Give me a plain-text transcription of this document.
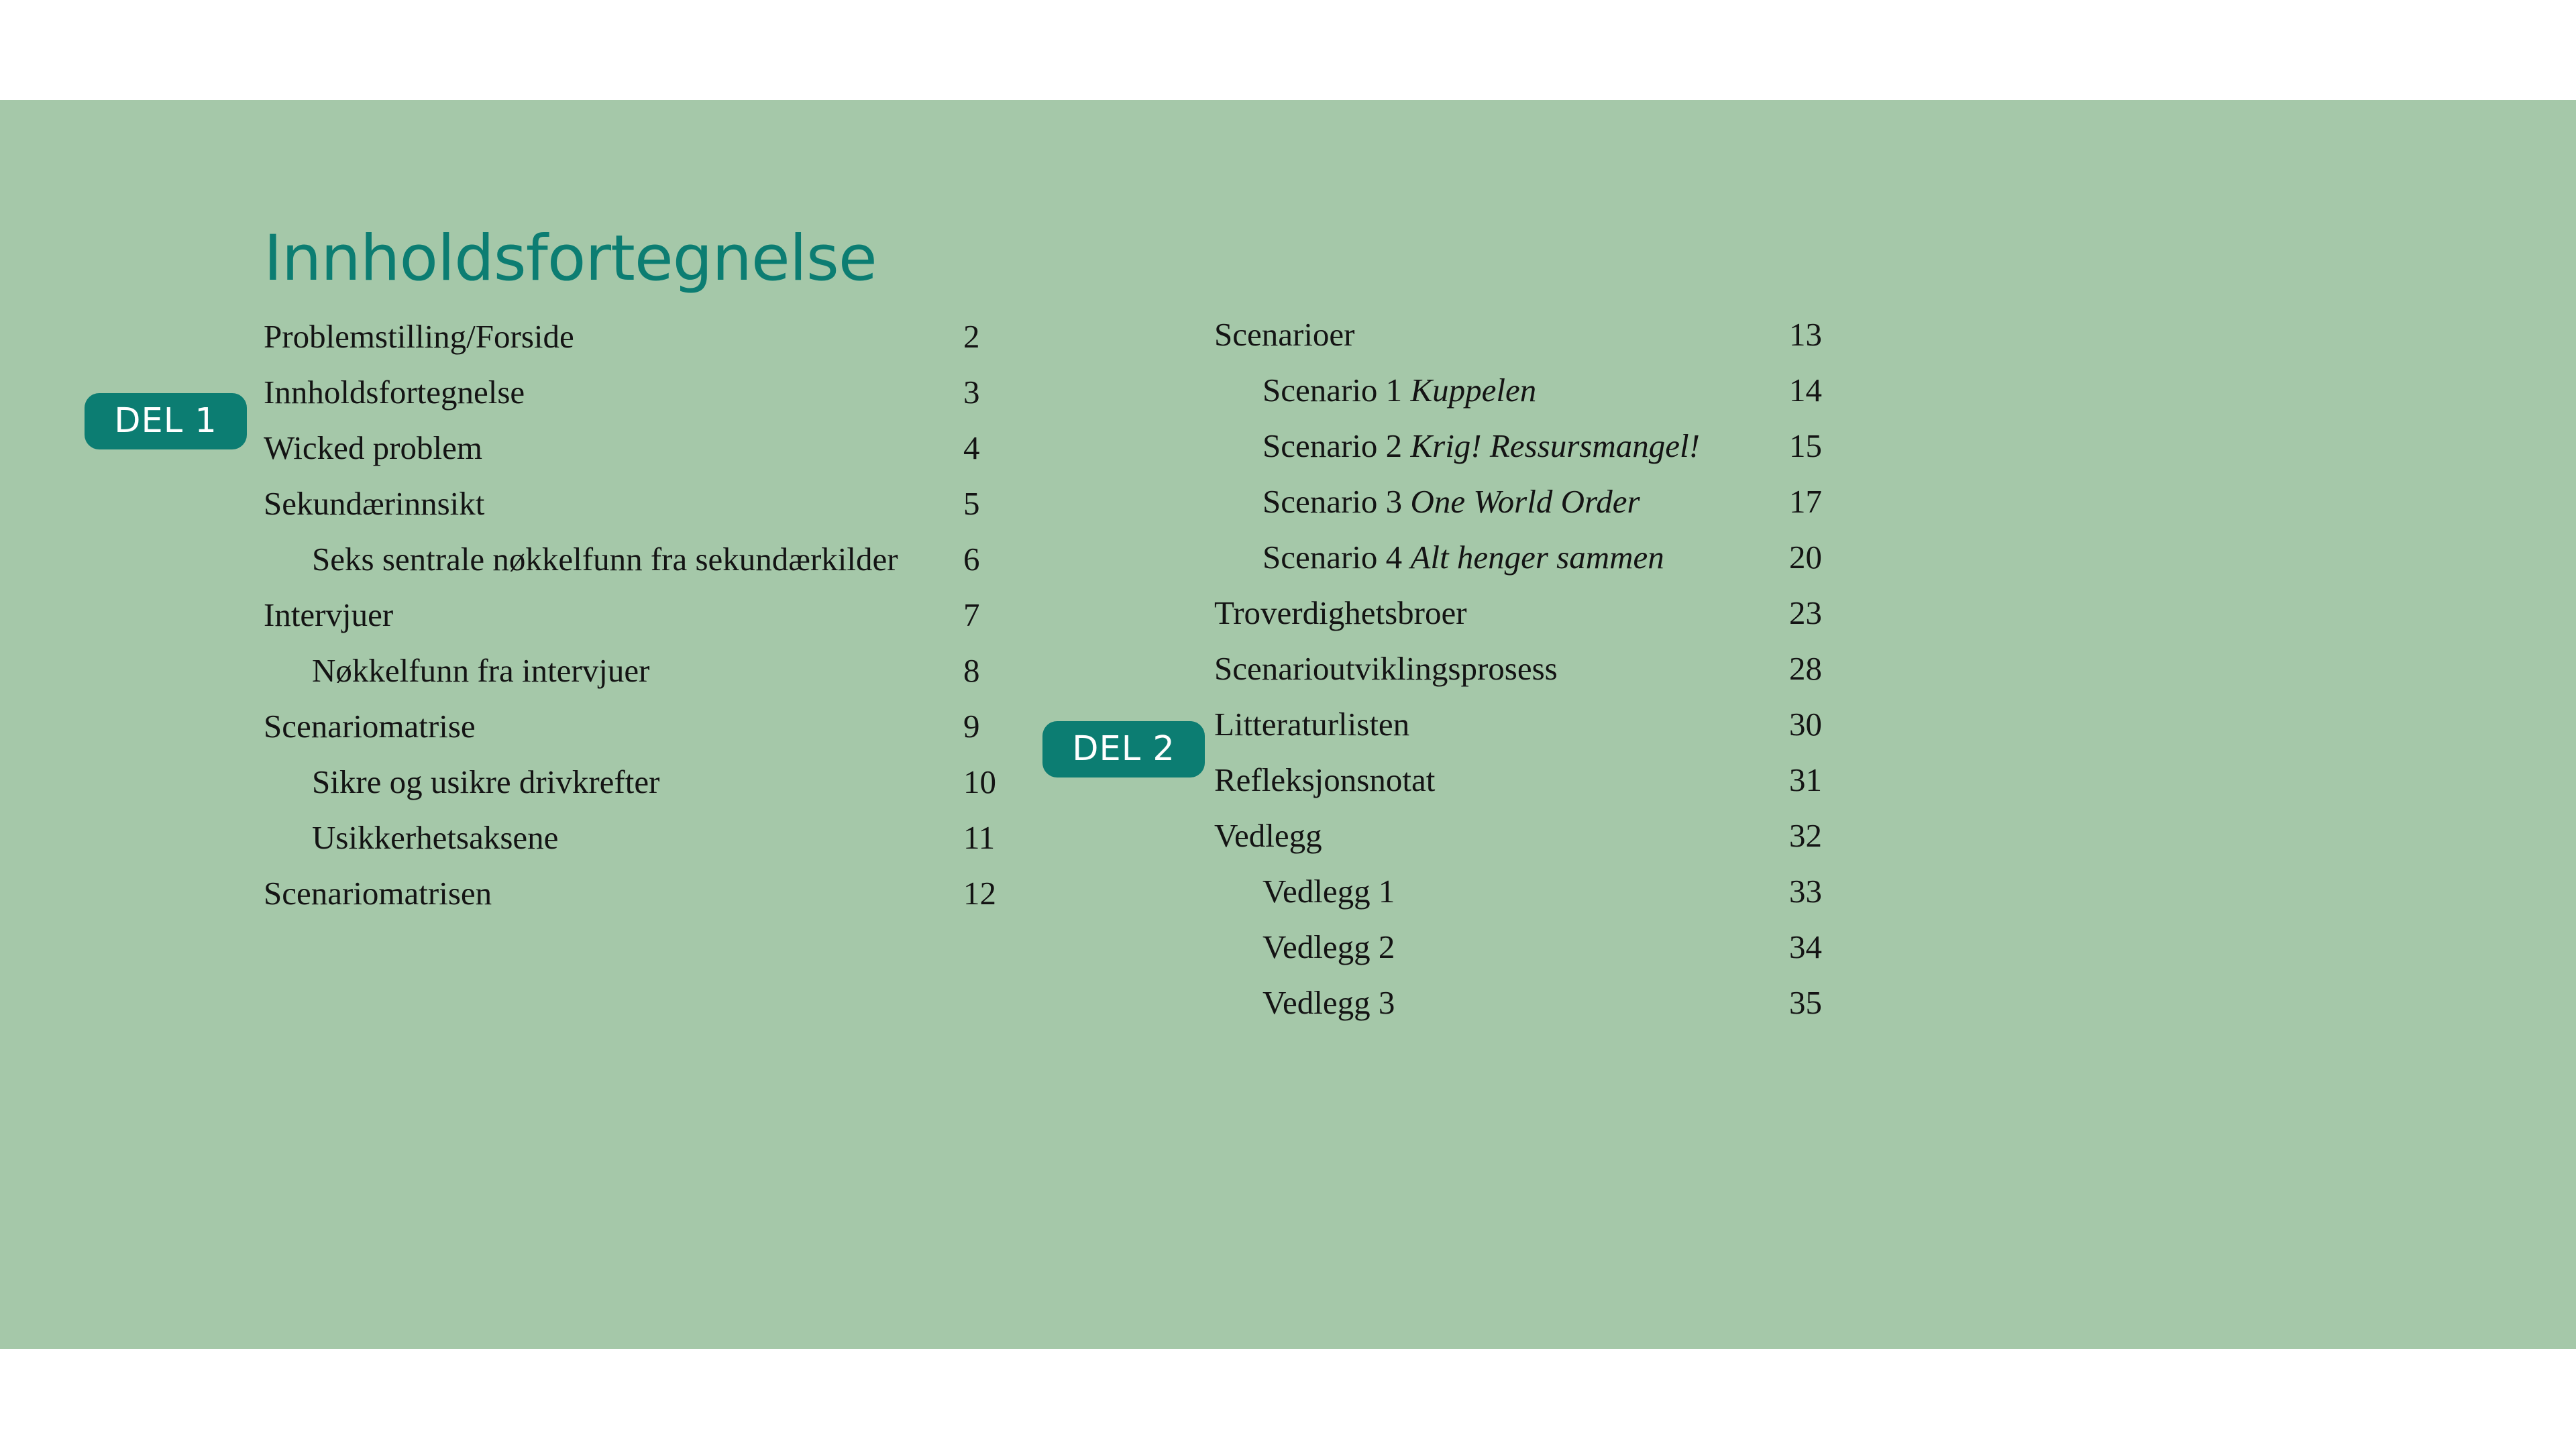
Innholdsfortegnelse
DEL 1
DEL 2
Problemstilling/Forside	2
Innholdsfortegnelse	3
Wicked problem	4
Sekundærinnsikt	5
Seks sentrale nøkkelfunn fra sekundærkilder 6
Intervjuer	7
Nøkkelfunn fra intervjuer	8
Scenariomatrise	9
Sikre og usikre drivkrefter	10
Usikkerhetsaksene	11
Scenariomatrisen	12
Scenarioer	13
Scenario 1 Kuppelen	14
Scenario 2 Krig! Ressursmangel!	15
Scenario 3 One World Order	17
Scenario 4 Alt henger sammen	20
Troverdighetsbroer	23
Scenarioutviklingsprosess	28
Litteraturlisten	30
Refleksjonsnotat	31
Vedlegg	32
Vedlegg 1	33
Vedlegg 2	34
Vedlegg 3	35
